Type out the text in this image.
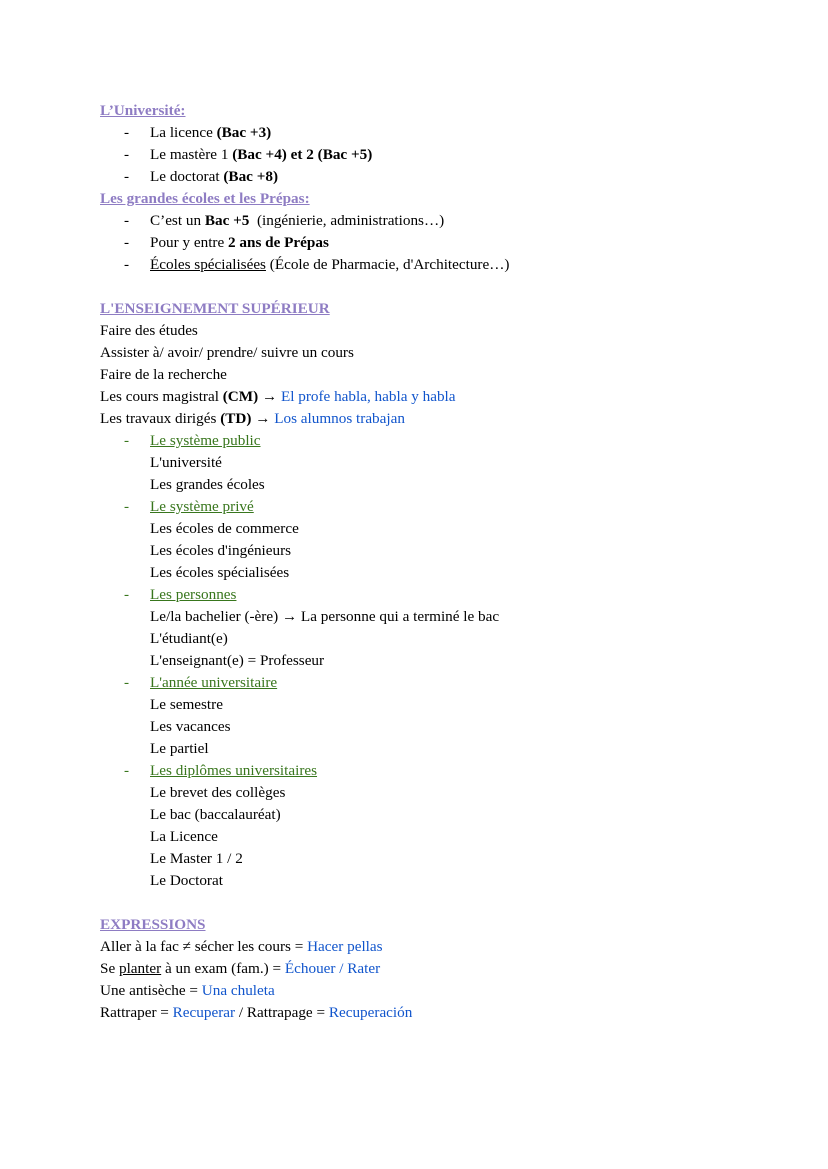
L’Université:
- La licence (Bac +3)
- Le mastère 1 (Bac +4) et 2 (Bac +5)
- Le doctorat (Bac +8)
Les grandes écoles et les Prépas:
- C’est un Bac +5  (ingénierie, administrations…)
- Pour y entre 2 ans de Prépas
- Écoles spécialisées (École de Pharmacie, d'Architecture…)
L'ENSEIGNEMENT SUPÉRIEUR
Faire des études
Assister à/ avoir/ prendre/ suivre un cours
Faire de la recherche
Les cours magistral (CM) → El profe habla, habla y habla
Les travaux dirigés (TD) → Los alumnos trabajan
- Le système public
L'université
Les grandes écoles
- Le système privé
Les écoles de commerce
Les écoles d'ingénieurs
Les écoles spécialisées
- Les personnes
Le/la bachelier (-ère) → La personne qui a terminé le bac
L'étudiant(e)
L'enseignant(e) = Professeur
- L'année universitaire
Le semestre
Les vacances
Le partiel
- Les diplômes universitaires
Le brevet des collèges
Le bac (baccalauréat)
La Licence
Le Master 1 / 2
Le Doctorat
EXPRESSIONS
Aller à la fac ≠ sécher les cours = Hacer pellas
Se planter à un exam (fam.) = Échouer / Rater
Une antisèche = Una chuleta
Rattraper = Recuperar / Rattrapage = Recuperación
